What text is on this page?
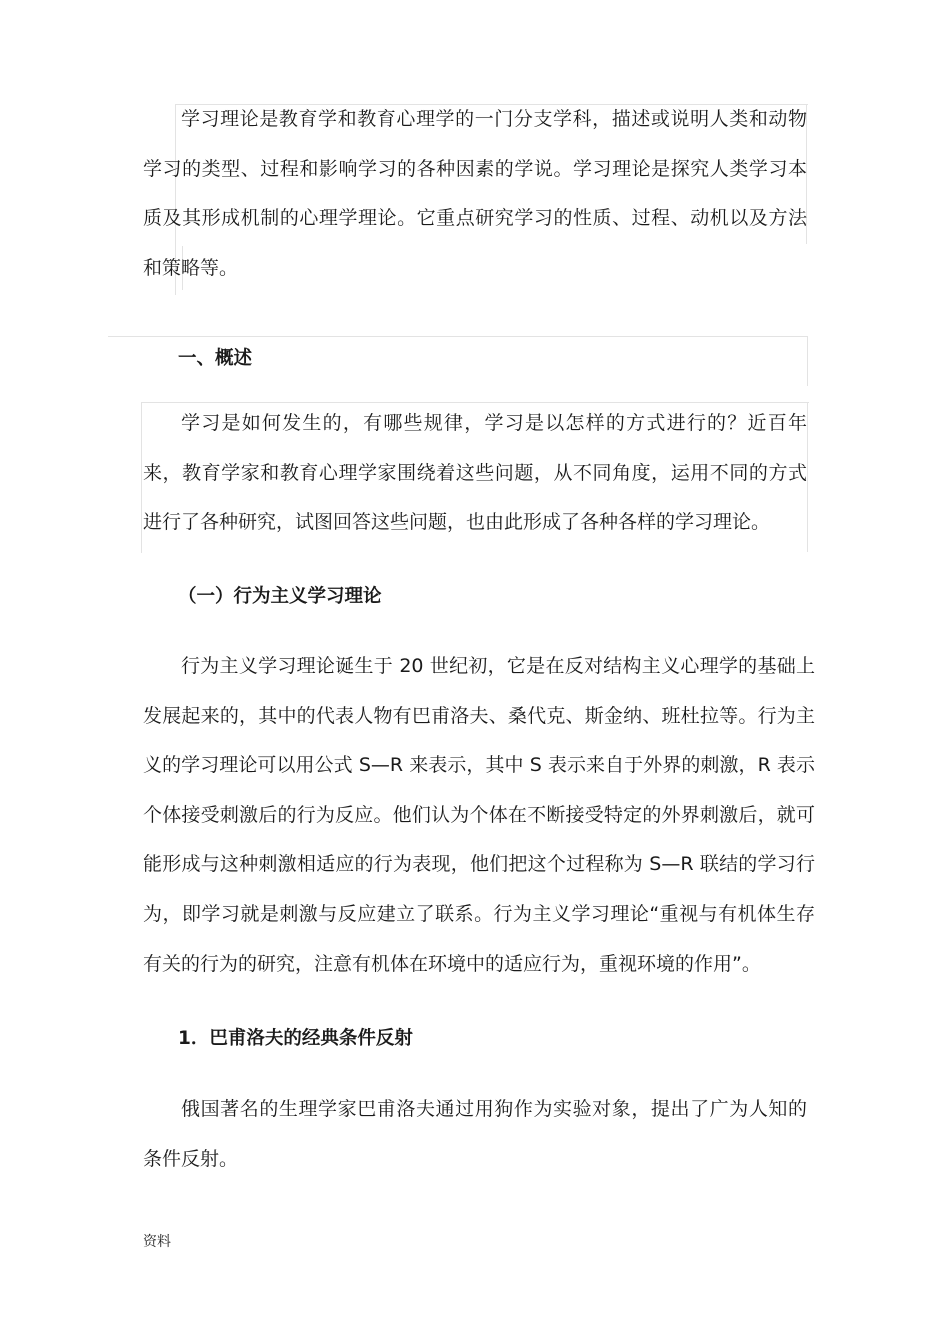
学习理论是教育学和教育心理学的一门分支学科，描述或说明人类和动物学习的类型、过程和影响学习的各种因素的学说。学习理论是探究人类学习本质及其形成机制的心理学理论。它重点研究学习的性质、过程、动机以及方法和策略等。

一、概述

学习是如何发生的，有哪些规律，学习是以怎样的方式进行的？近百年来，教育学家和教育心理学家围绕着这些问题，从不同角度，运用不同的方式进行了各种研究，试图回答这些问题，也由此形成了各种各样的学习理论。

（一）行为主义学习理论

行为主义学习理论诞生于 20 世纪初，它是在反对结构主义心理学的基础上发展起来的，其中的代表人物有巴甫洛夫、桑代克、斯金纳、班杜拉等。行为主义的学习理论可以用公式 S—R 来表示，其中 S 表示来自于外界的刺激，R 表示个体接受刺激后的行为反应。他们认为个体在不断接受特定的外界刺激后，就可能形成与这种刺激相适应的行为表现，他们把这个过程称为 S—R 联结的学习行为，即学习就是刺激与反应建立了联系。行为主义学习理论“重视与有机体生存有关的行为的研究，注意有机体在环境中的适应行为，重视环境的作用”。

1．巴甫洛夫的经典条件反射

俄国著名的生理学家巴甫洛夫通过用狗作为实验对象，提出了广为人知的条件反射。

资料
